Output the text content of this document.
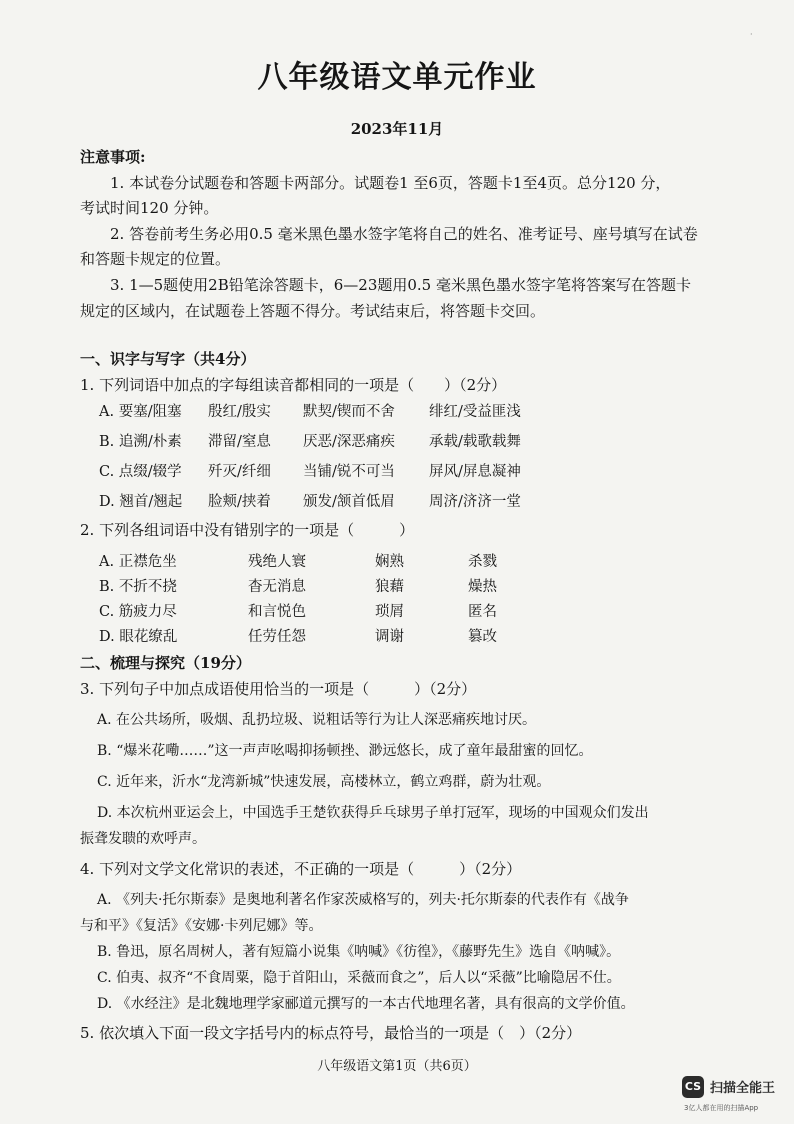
·
八年级语文单元作业
2023年11月
注意事项:
1. 本试卷分试题卷和答题卡两部分。试题卷1 至6页，答题卡1至4页。总分120 分，
考试时间120 分钟。
2. 答卷前考生务必用0.5 毫米黑色墨水签字笔将自己的姓名、准考证号、座号填写在试卷
和答题卡规定的位置。
3. 1—5题使用2B铅笔涂答题卡，6—23题用0.5 毫米黑色墨水签字笔将答案写在答题卡
规定的区域内，在试题卷上答题不得分。考试结束后，将答题卡交回。
一、识字与写字（共4分）
1. 下列词语中加点的字每组读音都相同的一项是（　　）（2分）
A. 要塞/阻塞 殷红/殷实 默契/锲而不舍 绯红/受益匪浅
B. 追溯/朴素 滞留/窒息 厌恶/深恶痛疾 承载/载歌载舞
C. 点缀/辍学 歼灭/纤细 当铺/锐不可当 屏风/屏息凝神
D. 翘首/翘起 脸颊/挟着 颁发/颔首低眉 周济/济济一堂
2. 下列各组词语中没有错别字的一项是（　　　）
A. 正襟危坐	残绝人寰	娴熟	杀戮
B. 不折不挠	杳无消息	狼藉	燥热
C. 筋疲力尽	和言悦色	琐屑	匿名
D. 眼花缭乱	任劳任怨	调谢	篡改
二、梳理与探究（19分）
3. 下列句子中加点成语使用恰当的一项是（　　　）（2分）
A. 在公共场所，吸烟、乱扔垃圾、说粗话等行为让人深恶痛疾地讨厌。
B. “爆米花嘞……”这一声声吆喝抑扬顿挫、渺远悠长，成了童年最甜蜜的回忆。
C. 近年来，沂水“龙湾新城”快速发展，高楼林立，鹤立鸡群，蔚为壮观。
D. 本次杭州亚运会上，中国选手王楚钦获得乒乓球男子单打冠军，现场的中国观众们发出
振聋发聩的欢呼声。
4. 下列对文学文化常识的表述，不正确的一项是（　　　）（2分）
A. 《列夫·托尔斯泰》是奥地利著名作家茨威格写的，列夫·托尔斯泰的代表作有《战争
与和平》《复活》《安娜·卡列尼娜》等。
B. 鲁迅，原名周树人，著有短篇小说集《呐喊》《彷徨》，《藤野先生》选自《呐喊》。
C. 伯夷、叔齐“不食周粟，隐于首阳山，采薇而食之”，后人以“采薇”比喻隐居不仕。
D. 《水经注》是北魏地理学家郦道元撰写的一本古代地理名著，具有很高的文学价值。
5. 依次填入下面一段文字括号内的标点符号，最恰当的一项是（　）（2分）
八年级语文第1页（共6页）
CS 扫描全能王
3亿人都在用的扫描App
